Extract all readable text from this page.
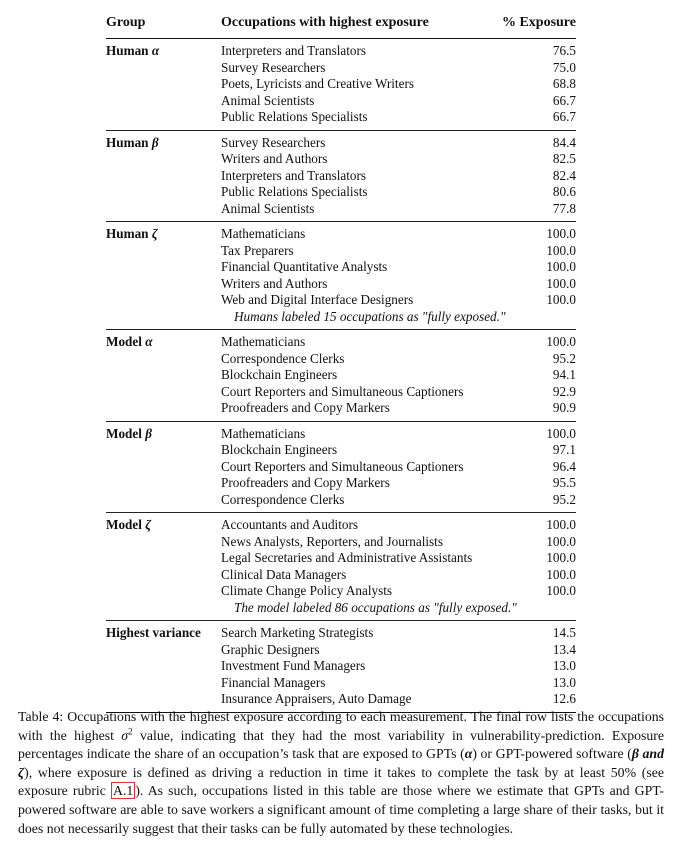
Group	Occupations with highest exposure	% Exposure
Human α	Interpreters and Translators	76.5
Survey Researchers	75.0
Poets, Lyricists and Creative Writers	68.8
Animal Scientists	66.7
Public Relations Specialists	66.7
Human β	Survey Researchers	84.4
Writers and Authors	82.5
Interpreters and Translators	82.4
Public Relations Specialists	80.6
Animal Scientists	77.8
Human ζ	Mathematicians	100.0
Tax Preparers	100.0
Financial Quantitative Analysts	100.0
Writers and Authors	100.0
Web and Digital Interface Designers	100.0
Humans labeled 15 occupations as "fully exposed."
Model α	Mathematicians	100.0
Correspondence Clerks	95.2
Blockchain Engineers	94.1
Court Reporters and Simultaneous Captioners	92.9
Proofreaders and Copy Markers	90.9
Model β	Mathematicians	100.0
Blockchain Engineers	97.1
Court Reporters and Simultaneous Captioners	96.4
Proofreaders and Copy Markers	95.5
Correspondence Clerks	95.2
Model ζ	Accountants and Auditors	100.0
News Analysts, Reporters, and Journalists	100.0
Legal Secretaries and Administrative Assistants	100.0
Clinical Data Managers	100.0
Climate Change Policy Analysts	100.0
The model labeled 86 occupations as "fully exposed."
Highest variance	Search Marketing Strategists	14.5
Graphic Designers	13.4
Investment Fund Managers	13.0
Financial Managers	13.0
Insurance Appraisers, Auto Damage	12.6
Table 4: Occupations with the highest exposure according to each measurement. The final row lists the occupations with the highest $\sigma^2$ value, indicating that they had the most variability in vulnerability-prediction. Exposure percentages indicate the share of an occupation’s task that are exposed to GPTs (α) or GPT-powered software (β and ζ), where exposure is defined as driving a reduction in time it takes to complete the task by at least 50% (see exposure rubric A.1 ). As such, occupations listed in this table are those where we estimate that GPTs and GPT-powered software are able to save workers a significant amount of time completing a large share of their tasks, but it does not necessarily suggest that their tasks can be fully automated by these technologies.
